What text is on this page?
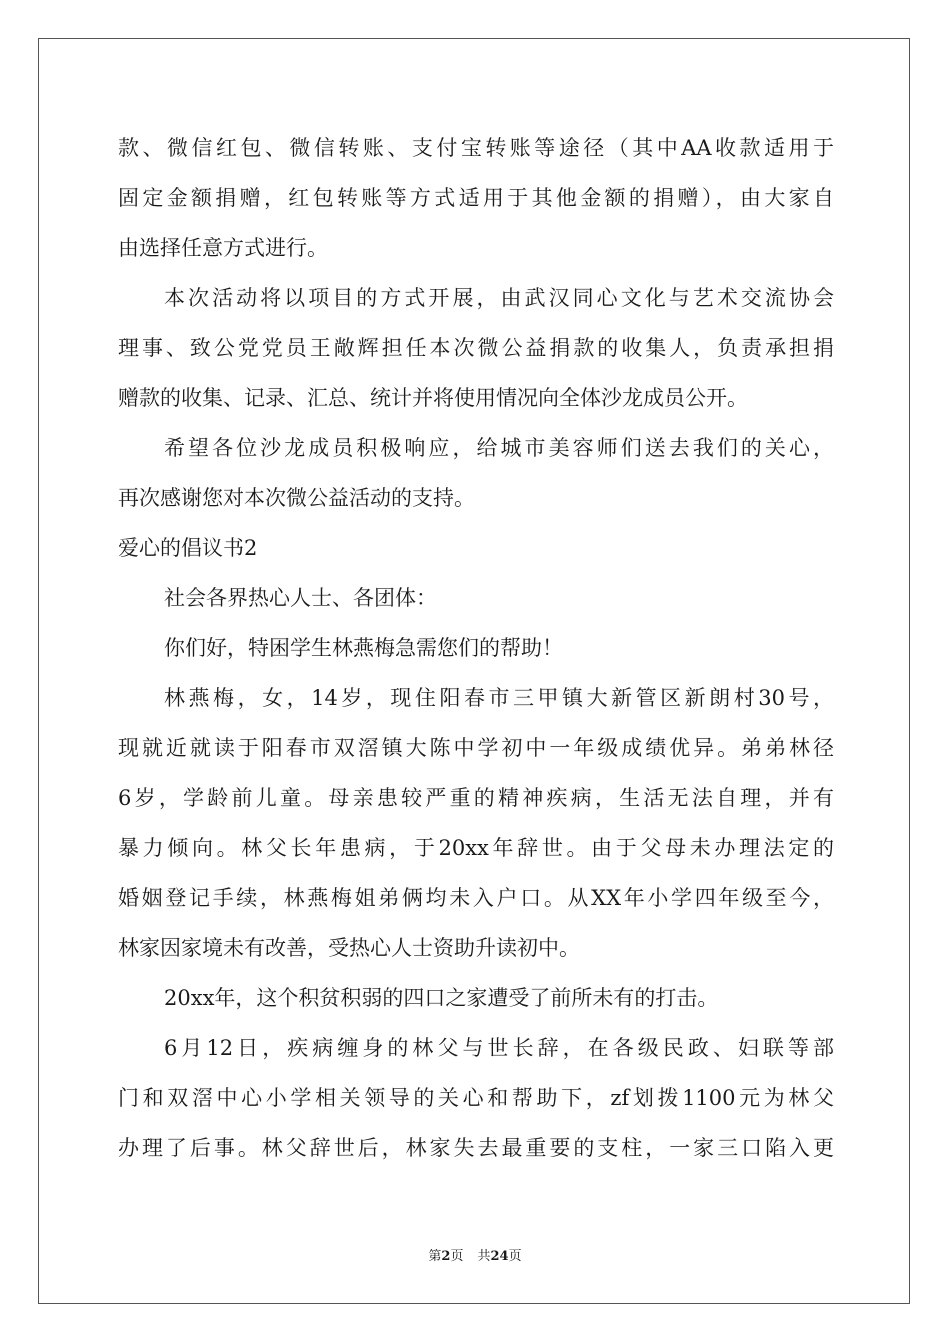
款、微信红包、微信转账、支付宝转账等途径（其中AA收款适用于
固定金额捐赠，红包转账等方式适用于其他金额的捐赠），由大家自
由选择任意方式进行。
本次活动将以项目的方式开展，由武汉同心文化与艺术交流协会
理事、致公党党员王敞辉担任本次微公益捐款的收集人，负责承担捐
赠款的收集、记录、汇总、统计并将使用情况向全体沙龙成员公开。
希望各位沙龙成员积极响应，给城市美容师们送去我们的关心，
再次感谢您对本次微公益活动的支持。
爱心的倡议书2
社会各界热心人士、各团体：
你们好，特困学生林燕梅急需您们的帮助！
林燕梅，女，14岁，现住阳春市三甲镇大新管区新朗村30号，
现就近就读于阳春市双滘镇大陈中学初中一年级成绩优异。弟弟林径
6岁，学龄前儿童。母亲患较严重的精神疾病，生活无法自理，并有
暴力倾向。林父长年患病，于20xx年辞世。由于父母未办理法定的
婚姻登记手续，林燕梅姐弟俩均未入户口。从XX年小学四年级至今，
林家因家境未有改善，受热心人士资助升读初中。
20xx年，这个积贫积弱的四口之家遭受了前所未有的打击。
6月12日，疾病缠身的林父与世长辞，在各级民政、妇联等部
门和双滘中心小学相关领导的关心和帮助下，zf划拨1100元为林父
办理了后事。林父辞世后，林家失去最重要的支柱，一家三口陷入更
第2页 共24页
